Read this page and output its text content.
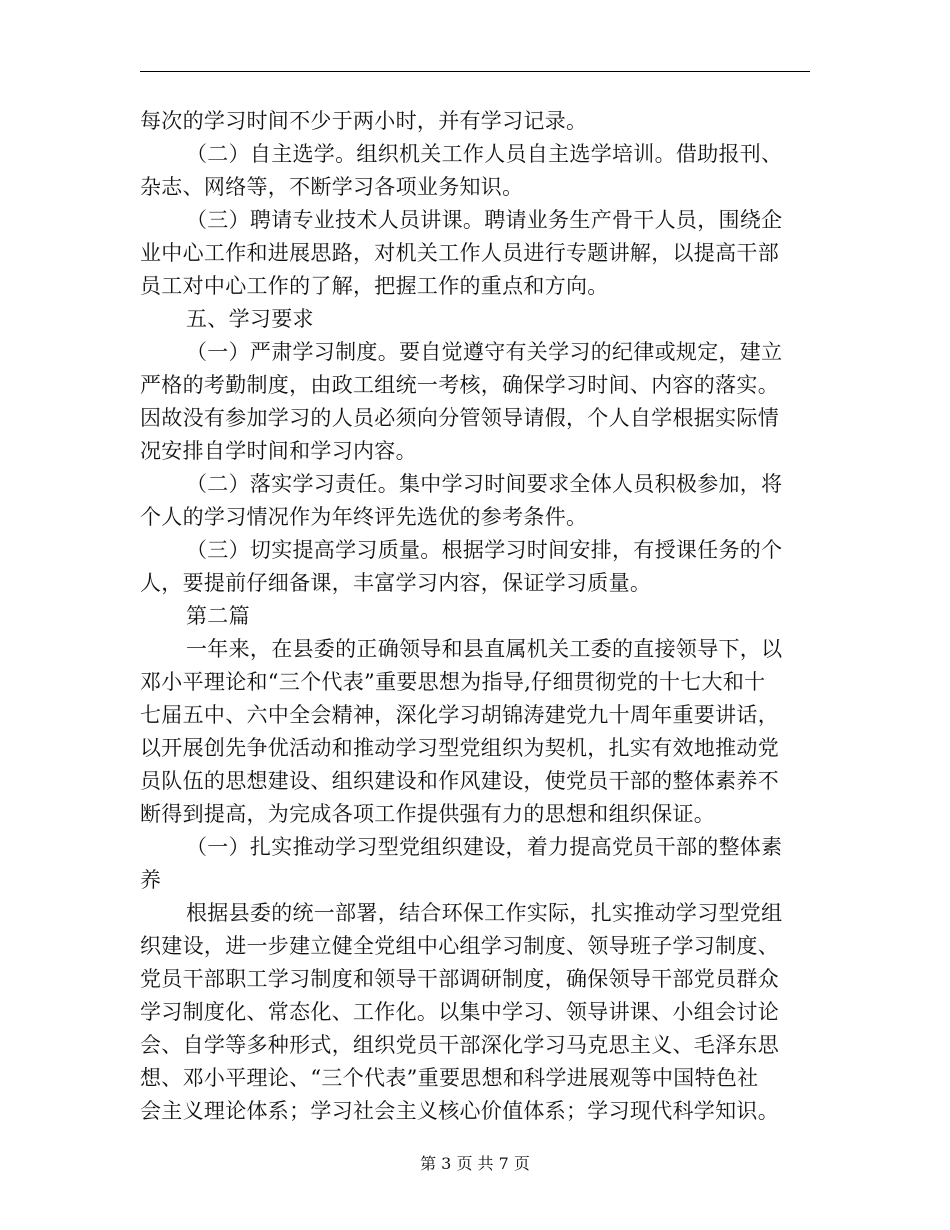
每次的学习时间不少于两小时，并有学习记录。
（二）自主选学。组织机关工作人员自主选学培训。借助报刊、
杂志、网络等，不断学习各项业务知识。
（三）聘请专业技术人员讲课。聘请业务生产骨干人员，围绕企
业中心工作和进展思路，对机关工作人员进行专题讲解，以提高干部
员工对中心工作的了解，把握工作的重点和方向。
五、学习要求
（一）严肃学习制度。要自觉遵守有关学习的纪律或规定，建立
严格的考勤制度，由政工组统一考核，确保学习时间、内容的落实。
因故没有参加学习的人员必须向分管领导请假，个人自学根据实际情
况安排自学时间和学习内容。
（二）落实学习责任。集中学习时间要求全体人员积极参加，将
个人的学习情况作为年终评先选优的参考条件。
（三）切实提高学习质量。根据学习时间安排，有授课任务的个
人，要提前仔细备课，丰富学习内容，保证学习质量。
第二篇
一年来，在县委的正确领导和县直属机关工委的直接领导下，以
邓小平理论和“三个代表”重要思想为指导,仔细贯彻党的十七大和十
七届五中、六中全会精神，深化学习胡锦涛建党九十周年重要讲话，
以开展创先争优活动和推动学习型党组织为契机，扎实有效地推动党
员队伍的思想建设、组织建设和作风建设，使党员干部的整体素养不
断得到提高，为完成各项工作提供强有力的思想和组织保证。
（一）扎实推动学习型党组织建设，着力提高党员干部的整体素
养
根据县委的统一部署，结合环保工作实际，扎实推动学习型党组
织建设，进一步建立健全党组中心组学习制度、领导班子学习制度、
党员干部职工学习制度和领导干部调研制度，确保领导干部党员群众
学习制度化、常态化、工作化。以集中学习、领导讲课、小组会讨论
会、自学等多种形式，组织党员干部深化学习马克思主义、毛泽东思
想、邓小平理论、“三个代表”重要思想和科学进展观等中国特色社
会主义理论体系；学习社会主义核心价值体系；学习现代科学知识。
第 3 页 共 7 页
